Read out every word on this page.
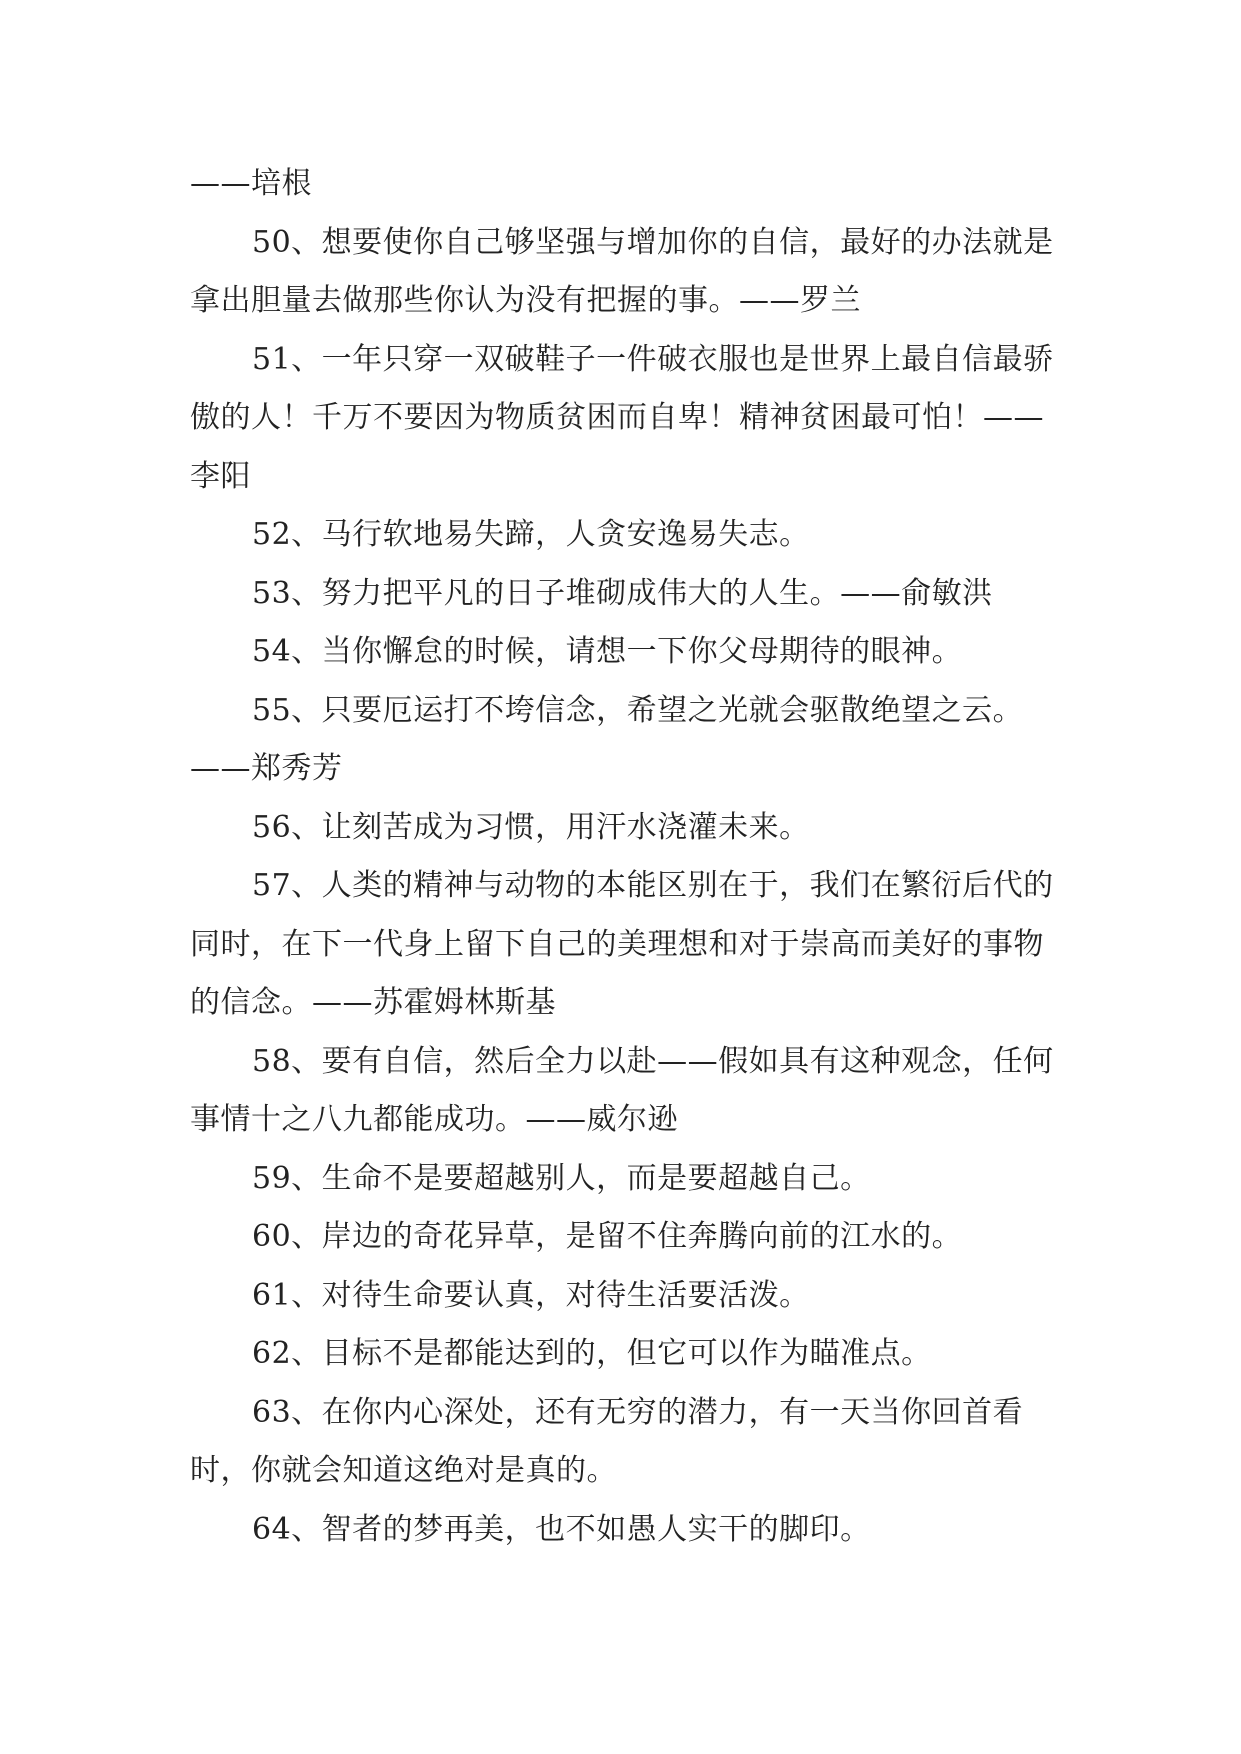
——培根

50、想要使你自己够坚强与增加你的自信，最好的办法就是拿出胆量去做那些你认为没有把握的事。——罗兰

51、一年只穿一双破鞋子一件破衣服也是世界上最自信最骄傲的人！千万不要因为物质贫困而自卑！精神贫困最可怕！——李阳

52、马行软地易失蹄，人贪安逸易失志。

53、努力把平凡的日子堆砌成伟大的人生。——俞敏洪

54、当你懈怠的时候，请想一下你父母期待的眼神。

55、只要厄运打不垮信念，希望之光就会驱散绝望之云。——郑秀芳

56、让刻苦成为习惯，用汗水浇灌未来。

57、人类的精神与动物的本能区别在于，我们在繁衍后代的同时，在下一代身上留下自己的美理想和对于崇高而美好的事物的信念。——苏霍姆林斯基

58、要有自信，然后全力以赴——假如具有这种观念，任何事情十之八九都能成功。——威尔逊

59、生命不是要超越别人，而是要超越自己。

60、岸边的奇花异草，是留不住奔腾向前的江水的。

61、对待生命要认真，对待生活要活泼。

62、目标不是都能达到的，但它可以作为瞄准点。

63、在你内心深处，还有无穷的潜力，有一天当你回首看时，你就会知道这绝对是真的。

64、智者的梦再美，也不如愚人实干的脚印。
